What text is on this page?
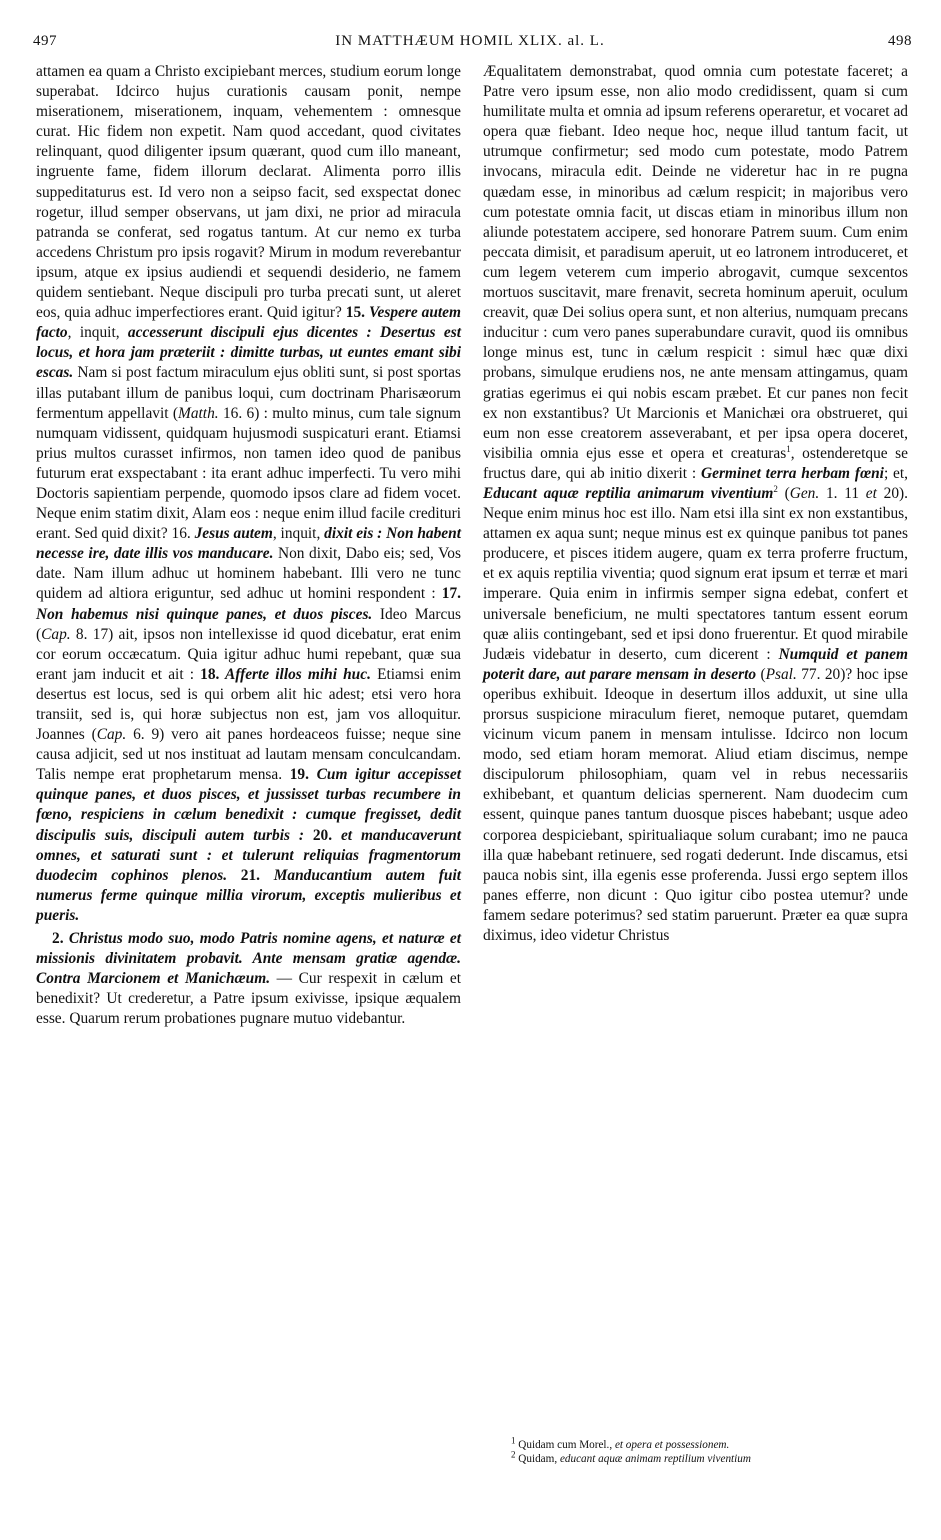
497	IN MATTHÆUM HOMIL XLIX. al. L.	498

attamen ea quam a Christo excipiebant merces, studium eorum longe superabat. Idcirco hujus curationis causam ponit, nempe miserationem, miserationem, inquam, vehementem : omnesque curat. Hic fidem non expetit. Nam quod accedant, quod civitates relinquant, quod diligenter ipsum quærant, quod cum illo maneant, ingruente fame, fidem illorum declarat. Alimenta porro illis suppeditaturus est. Id vero non a seipso facit, sed exspectat donec rogetur, illud semper observans, ut jam dixi, ne prior ad miracula patranda se conferat, sed rogatus tantum. At cur nemo ex turba accedens Christum pro ipsis rogavit? Mirum in modum reverebantur ipsum, atque ex ipsius audiendi et sequendi desiderio, ne famem quidem sentiebant. Neque discipuli pro turba precati sunt, ut aleret eos, quia adhuc imperfectiores erant. Quid igitur? 15. Vespere autem facto, inquit, accesserunt discipuli ejus dicentes : Desertus est locus, et hora jam præteriit : dimitte turbas, ut euntes emant sibi escas. Nam si post factum miraculum ejus obliti sunt, si post sportas illas putabant illum de panibus loqui, cum doctrinam Pharisæorum fermentum appellavit (Matth. 16. 6) : multo minus, cum tale signum numquam vidissent, quidquam hujusmodi suspicaturi erant. Etiamsi prius multos curasset infirmos, non tamen ideo quod de panibus futurum erat exspectabant : ita erant adhuc imperfecti. Tu vero mihi Doctoris sapientiam perpende, quomodo ipsos clare ad fidem vocet. Neque enim statim dixit, Alam eos : neque enim illud facile credituri erant. Sed quid dixit? 16. Jesus autem, inquit, dixit eis : Non habent necesse ire, date illis vos manducare. Non dixit, Dabo eis; sed, Vos date. Nam illum adhuc ut hominem habebant. Illi vero ne tunc quidem ad altiora eriguntur, sed adhuc ut homini respondent : 17. Non habemus nisi quinque panes, et duos pisces. Ideo Marcus (Cap. 8. 17) ait, ipsos non intellexisse id quod dicebatur, erat enim cor eorum occæcatum. Quia igitur adhuc humi repebant, quæ sua erant jam inducit et ait : 18. Afferte illos mihi huc. Etiamsi enim desertus est locus, sed is qui orbem alit hic adest; etsi vero hora transiit, sed is, qui horæ subjectus non est, jam vos alloquitur. Joannes (Cap. 6. 9) vero ait panes hordeaceos fuisse; neque sine causa adjicit, sed ut nos instituat ad lautam mensam conculcandam. Talis nempe erat prophetarum mensa. 19. Cum igitur accepisset quinque panes, et duos pisces, et jussisset turbas recumbere in fœno, respiciens in cælum benedixit : cumque fregisset, dedit discipulis suis, discipuli autem turbis : 20. et manducaverunt omnes, et saturati sunt : et tulerunt reliquias fragmentorum duodecim cophinos plenos. 21. Manducantium autem fuit numerus ferme quinque millia virorum, exceptis mulieribus et pueris.

2. Christus modo suo, modo Patris nomine agens, et naturæ et missionis divinitatem probavit. Ante mensam gratiæ agendæ. Contra Marcionem et Manichæum. — Cur respexit in cælum et benedixit? Ut crederetur, a Patre ipsum exivisse, ipsique æqualem esse. Quarum rerum probationes pugnare mutuo videbantur.

Æqualitatem demonstrabat, quod omnia cum potestate faceret; a Patre vero ipsum esse, non alio modo credidissent, quam si cum humilitate multa et omnia ad ipsum referens operaretur, et vocaret ad opera quæ fiebant. Ideo neque hoc, neque illud tantum facit, ut utrumque confirmetur; sed modo cum potestate, modo Patrem invocans, miracula edit. Deinde ne videretur hac in re pugna quædam esse, in minoribus ad cælum respicit; in majoribus vero cum potestate omnia facit, ut discas etiam in minoribus illum non aliunde potestatem accipere, sed honorare Patrem suum. Cum enim peccata dimisit, et paradisum aperuit, ut eo latronem introduceret, et cum legem veterem cum imperio abrogavit, cumque sexcentos mortuos suscitavit, mare frenavit, secreta hominum aperuit, oculum creavit, quæ Dei solius opera sunt, et non alterius, numquam precans inducitur : cum vero panes superabundare curavit, quod iis omnibus longe minus est, tunc in cælum respicit : simul hæc quæ dixi probans, simulque erudiens nos, ne ante mensam attingamus, quam gratias egerimus ei qui nobis escam præbet. Et cur panes non fecit ex non exstantibus? Ut Marcionis et Manichæi ora obstrueret, qui eum non esse creatorem asseverabant, et per ipsa opera doceret, visibilia omnia ejus esse et opera et creaturas$^1$, ostenderetque se fructus dare, qui ab initio dixerit : Germinet terra herbam fœni; et, Educant aquæ reptilia animarum viventium$^2$ (Gen. 1. 11 et 20). Neque enim minus hoc est illo. Nam etsi illa sint ex non exstantibus, attamen ex aqua sunt; neque minus est ex quinque panibus tot panes producere, et pisces itidem augere, quam ex terra proferre fructum, et ex aquis reptilia viventia; quod signum erat ipsum et terræ et mari imperare. Quia enim in infirmis semper signa edebat, confert et universale beneficium, ne multi spectatores tantum essent eorum quæ aliis contingebant, sed et ipsi dono fruerentur. Et quod mirabile Judæis videbatur in deserto, cum dicerent : Numquid et panem poterit dare, aut parare mensam in deserto (Psal. 77. 20)? hoc ipse operibus exhibuit. Ideoque in desertum illos adduxit, ut sine ulla prorsus suspicione miraculum fieret, nemoque putaret, quemdam vicinum vicum panem in mensam intulisse. Idcirco non locum modo, sed etiam horam memorat. Aliud etiam discimus, nempe discipulorum philosophiam, quam vel in rebus necessariis exhibebant, et quantum delicias spernerent. Nam duodecim cum essent, quinque panes tantum duosque pisces habebant; usque adeo corporea despiciebant, spiritualiaque solum curabant; imo ne pauca illa quæ habebant retinuere, sed rogati dederunt. Inde discamus, etsi pauca nobis sint, illa egenis esse proferenda. Jussi ergo septem illos panes efferre, non dicunt : Quo igitur cibo postea utemur? unde famem sedare poterimus? sed statim paruerunt. Præter ea quæ supra diximus, ideo videtur Christus

$^1$ Quidam cum Morel., et opera et possessionem.
$^2$ Quidam, educant aquæ animam reptilium viventium
